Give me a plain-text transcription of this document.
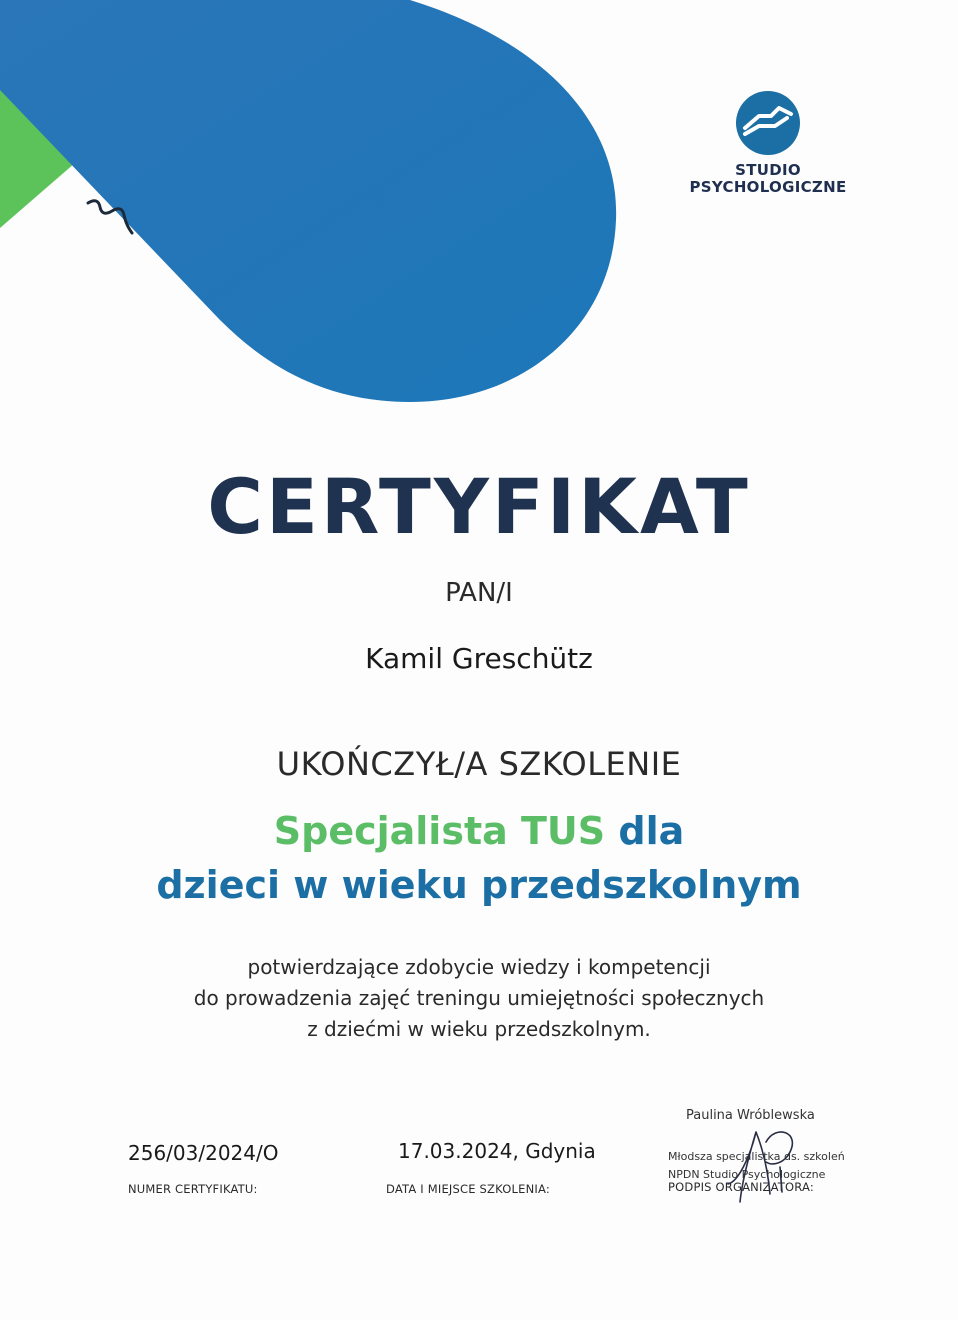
STUDIO
PSYCHOLOGICZNE
CERTYFIKAT
PAN/I
Kamil Greschütz
UKOŃCZYŁ/A SZKOLENIE
Specjalista TUS dla
dzieci w wieku przedszkolnym
potwierdzające zdobycie wiedzy i kompetencji
do prowadzenia zajęć treningu umiejętności społecznych
z dziećmi w wieku przedszkolnym.
256/03/2024/O
NUMER CERTYFIKATU:
17.03.2024, Gdynia
DATA I MIEJSCE SZKOLENIA:
Paulina Wróblewska
Młodsza specjalistka ds. szkoleń
NPDN Studio Psychologiczne
PODPIS ORGANIZATORA:
